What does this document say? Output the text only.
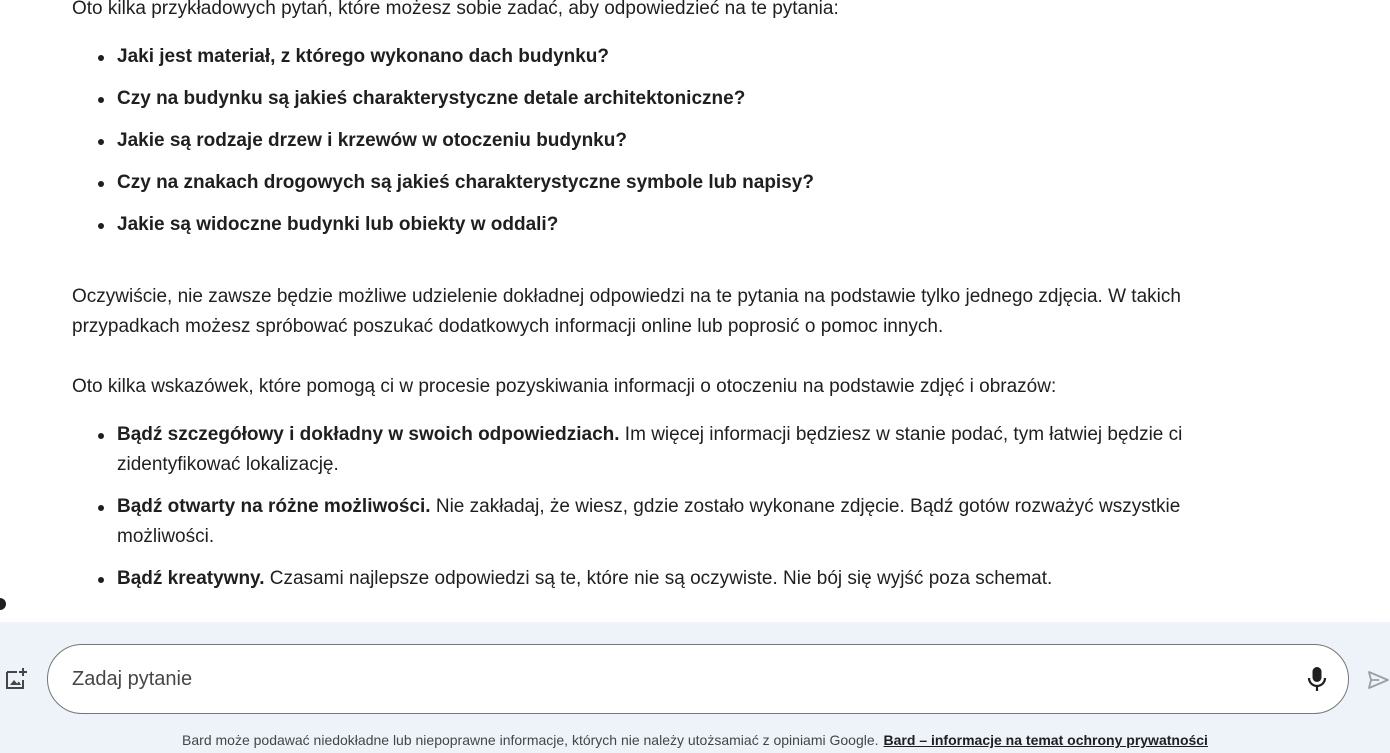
Oto kilka przykładowych pytań, które możesz sobie zadać, aby odpowiedzieć na te pytania:

Jaki jest materiał, z którego wykonano dach budynku?
Czy na budynku są jakieś charakterystyczne detale architektoniczne?
Jakie są rodzaje drzew i krzewów w otoczeniu budynku?
Czy na znakach drogowych są jakieś charakterystyczne symbole lub napisy?
Jakie są widoczne budynki lub obiekty w oddali?

Oczywiście, nie zawsze będzie możliwe udzielenie dokładnej odpowiedzi na te pytania na podstawie tylko jednego zdjęcia. W takich przypadkach możesz spróbować poszukać dodatkowych informacji online lub poprosić o pomoc innych.

Oto kilka wskazówek, które pomogą ci w procesie pozyskiwania informacji o otoczeniu na podstawie zdjęć i obrazów:

Bądź szczegółowy i dokładny w swoich odpowiedziach. Im więcej informacji będziesz w stanie podać, tym łatwiej będzie ci zidentyfikować lokalizację.
Bądź otwarty na różne możliwości. Nie zakładaj, że wiesz, gdzie zostało wykonane zdjęcie. Bądź gotów rozważyć wszystkie możliwości.
Bądź kreatywny. Czasami najlepsze odpowiedzi są te, które nie są oczywiste. Nie bój się wyjść poza schemat.
Zadaj pytanie
Bard może podawać niedokładne lub niepoprawne informacje, których nie należy utożsamiać z opiniami Google. Bard – informacje na temat ochrony prywatności
